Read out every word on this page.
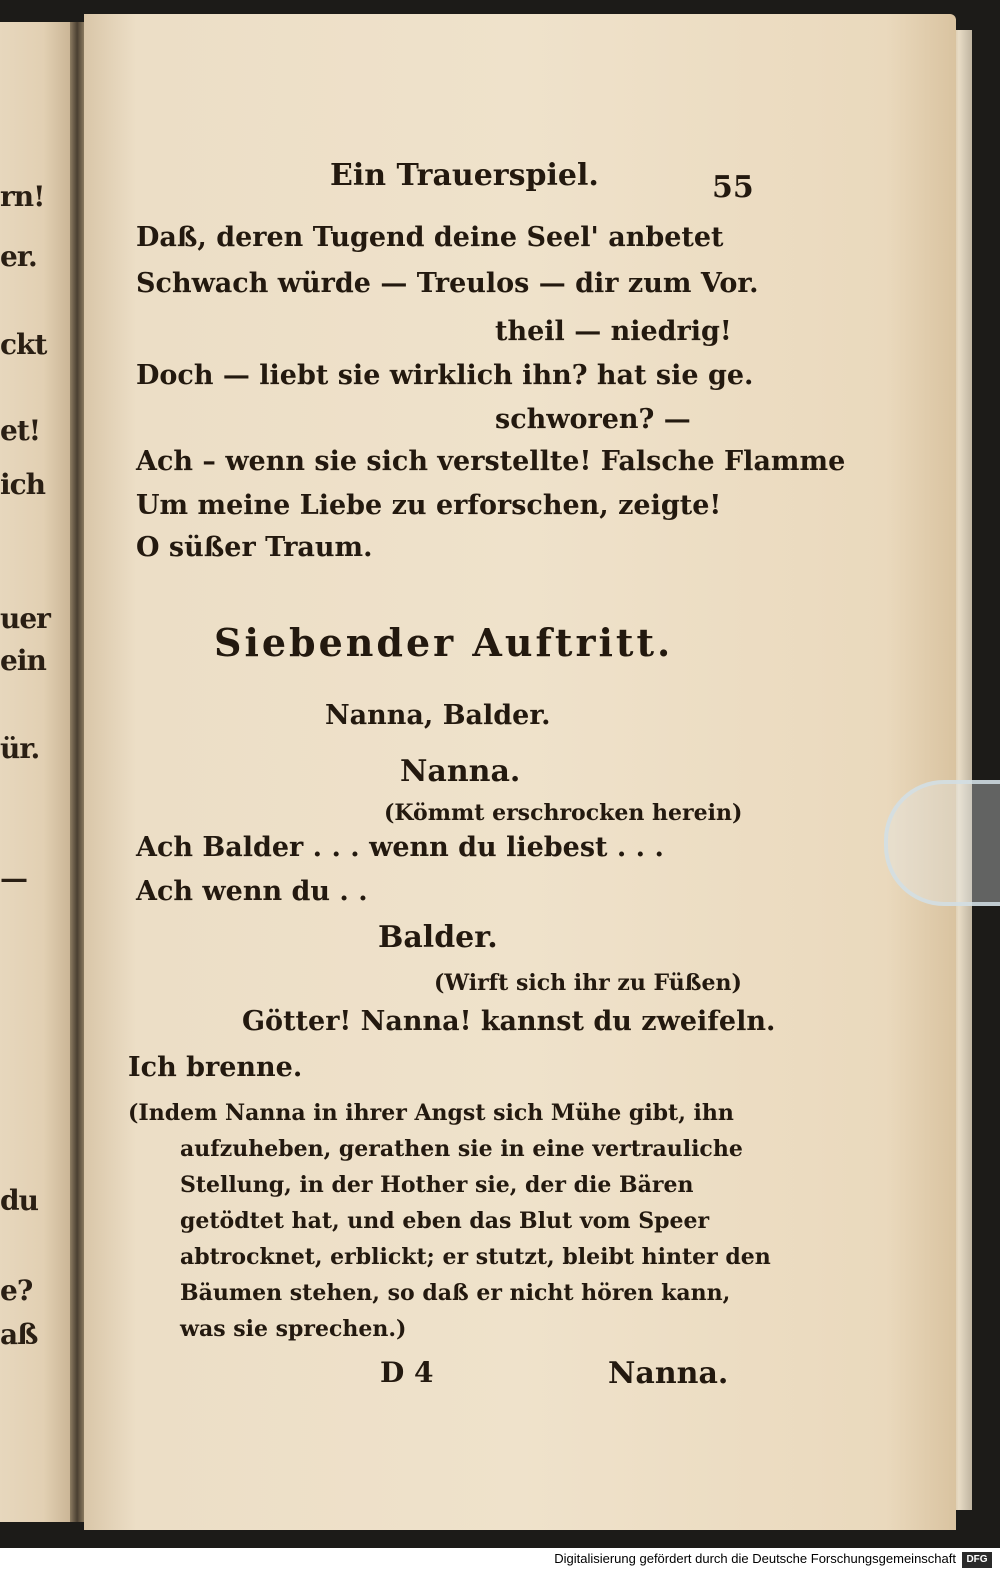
rn!
er.
ckt
et!
ich
uer
ein
ür.
—
du
e?
aß
Ein Trauerspiel.	55
Daß, deren Tugend deine Seel' anbetet
Schwach würde — Treulos — dir zum Vor.
theil — niedrig!
Doch — liebt sie wirklich ihn? hat sie ge.
schworen? —
Ach – wenn sie sich verstellte! Falsche Flamme
Um meine Liebe zu erforschen, zeigte!
O süßer Traum.
Siebender Auftritt.
Nanna, Balder.
Nanna.
(Kömmt erschrocken herein)
Ach Balder . . . wenn du liebest . . .
Ach wenn du . .
Balder.
(Wirft sich ihr zu Füßen)
Götter! Nanna! kannst du zweifeln.
Ich brenne.
(Indem Nanna in ihrer Angst sich Mühe gibt, ihn
aufzuheben, gerathen sie in eine vertrauliche
Stellung, in der Hother sie, der die Bären
getödtet hat, und eben das Blut vom Speer
abtrocknet, erblickt; er stutzt, bleibt hinter den
Bäumen stehen, so daß er nicht hören kann,
was sie sprechen.)
D 4	Nanna.
Digitalisierung gefördert durch die Deutsche Forschungsgemeinschaft	DFG
